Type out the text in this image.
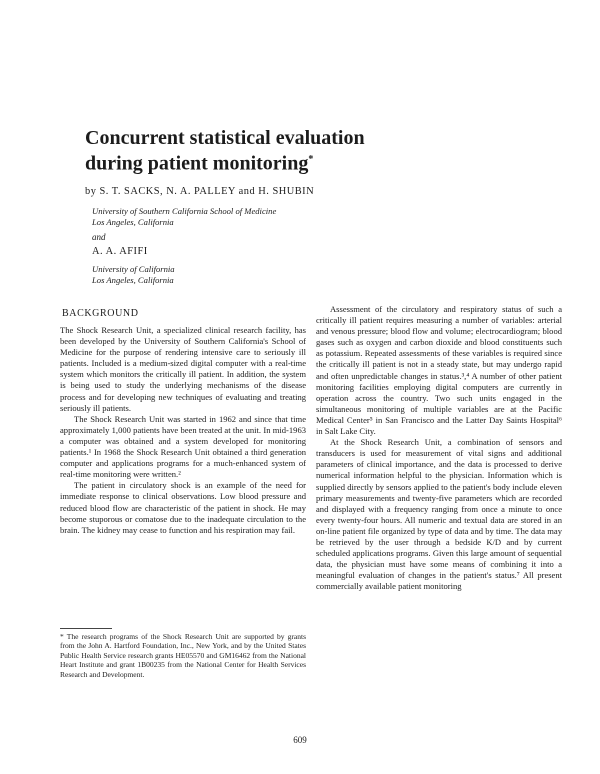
Concurrent statistical evaluation
during patient monitoring*
by S. T. SACKS, N. A. PALLEY and H. SHUBIN
University of Southern California School of Medicine
Los Angeles, California
and
A. A. AFIFI
University of California
Los Angeles, California
BACKGROUND

The Shock Research Unit, a specialized clinical research facility, has been developed by the University of Southern California's School of Medicine for the purpose of rendering intensive care to seriously ill patients. Included is a medium-sized digital computer with a real-time system which monitors the critically ill patient. In addition, the system is being used to study the underlying mechanisms of the disease process and for developing new techniques of evaluating and treating seriously ill patients.

The Shock Research Unit was started in 1962 and since that time approximately 1,000 patients have been treated at the unit. In mid-1963 a computer was obtained and a system developed for monitoring patients.¹ In 1968 the Shock Research Unit obtained a third generation computer and applications programs for a much-enhanced system of real-time monitoring were written.²

The patient in circulatory shock is an example of the need for immediate response to clinical observations. Low blood pressure and reduced blood flow are characteristic of the patient in shock. He may become stuporous or comatose due to the inadequate circulation to the brain. The kidney may cease to function and his respiration may fail.

* The research programs of the Shock Research Unit are supported by grants from the John A. Hartford Foundation, Inc., New York, and by the United States Public Health Service research grants HE05570 and GM16462 from the National Heart Institute and grant 1B00235 from the National Center for Health Services Research and Development.

Assessment of the circulatory and respiratory status of such a critically ill patient requires measuring a number of variables: arterial and venous pressure; blood flow and volume; electrocardiogram; blood gases such as oxygen and carbon dioxide and blood constituents such as potassium. Repeated assessments of these variables is required since the critically ill patient is not in a steady state, but may undergo rapid and often unpredictable changes in status.³,⁴ A number of other patient monitoring facilities employing digital computers are currently in operation across the country. Two such units engaged in the simultaneous monitoring of multiple variables are at the Pacific Medical Center⁵ in San Francisco and the Latter Day Saints Hospital⁶ in Salt Lake City.

At the Shock Research Unit, a combination of sensors and transducers is used for measurement of vital signs and additional parameters of clinical importance, and the data is processed to derive numerical information helpful to the physician. Information which is supplied directly by sensors applied to the patient's body include eleven primary measurements and twenty-five parameters which are recorded and displayed with a frequency ranging from once a minute to once every twenty-four hours. All numeric and textual data are stored in an on-line patient file organized by type of data and by time. The data may be retrieved by the user through a bedside K/D and by current scheduled applications programs. Given this large amount of sequential data, the physician must have some means of combining it into a meaningful evaluation of changes in the patient's status.⁷ All present commercially available patient monitoring

609
